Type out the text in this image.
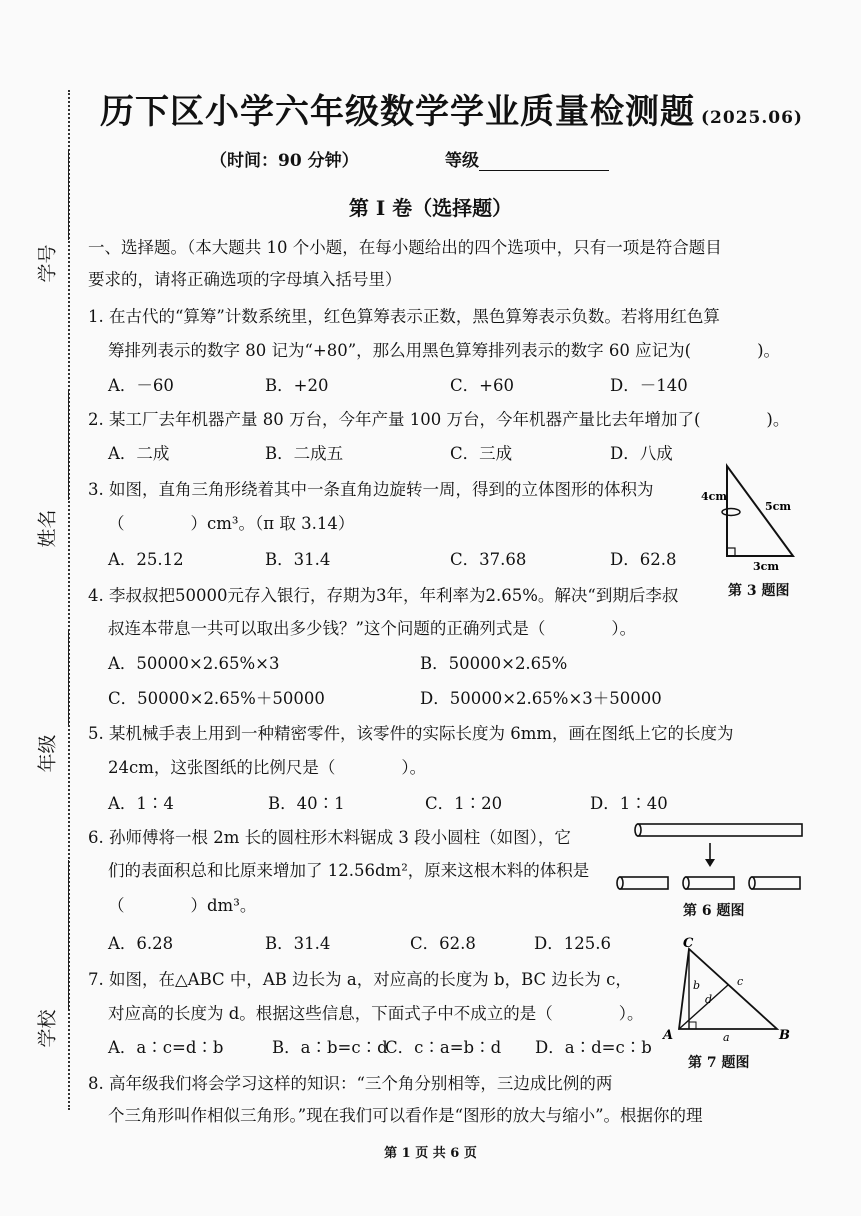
学号
姓名
年级
学校
历下区小学六年级数学学业质量检测题 (2025.06)
（时间：90 分钟）	等级
第 I 卷（选择题）
一、选择题。（本大题共 10 个小题，在每小题给出的四个选项中，只有一项是符合题目
要求的，请将正确选项的字母填入括号里）
1. 在古代的“算筹”计数系统里，红色算筹表示正数，黑色算筹表示负数。若将用红色算
筹排列表示的数字 80 记为“+80”，那么用黑色算筹排列表示的数字 60 应记为(　　　　)。
A．－60	B．+20	C．+60	D．－140
2. 某工厂去年机器产量 80 万台，今年产量 100 万台，今年机器产量比去年增加了(　　　　)。
A．二成	B．二成五	C．三成	D．八成
3. 如图，直角三角形绕着其中一条直角边旋转一周，得到的立体图形的体积为
（　　　　）cm³。（π 取 3.14）
A．25.12	B．31.4	C．37.68	D．62.8
4cm
5cm
3cm
第 3 题图
4. 李叔叔把50000元存入银行，存期为3年，年利率为2.65%。解决“到期后李叔
叔连本带息一共可以取出多少钱？”这个问题的正确列式是（　　　　）。
A．50000×2.65%×3	B．50000×2.65%
C．50000×2.65%＋50000	D．50000×2.65%×3＋50000
5. 某机械手表上用到一种精密零件，该零件的实际长度为 6mm，画在图纸上它的长度为
24cm，这张图纸的比例尺是（　　　　）。
A．1∶4	B．40∶1	C．1∶20	D．1∶40
6. 孙师傅将一根 2m 长的圆柱形木料锯成 3 段小圆柱（如图），它
们的表面积总和比原来增加了 12.56dm²，原来这根木料的体积是
（　　　　）dm³。
A．6.28	B．31.4	C．62.8	D．125.6
第 6 题图
7. 如图，在△ABC 中，AB 边长为 a，对应高的长度为 b，BC 边长为 c，
对应高的长度为 d。根据这些信息，下面式子中不成立的是（　　　　）。
A．a∶c=d∶b	B．a∶b=c∶d
C．c∶a=b∶d D．a∶d=c∶b
C
A	B
a
b	c
d
第 7 题图
8. 高年级我们将会学习这样的知识：“三个角分别相等，三边成比例的两
个三角形叫作相似三角形。”现在我们可以看作是“图形的放大与缩小”。根据你的理
第 1 页 共 6 页
